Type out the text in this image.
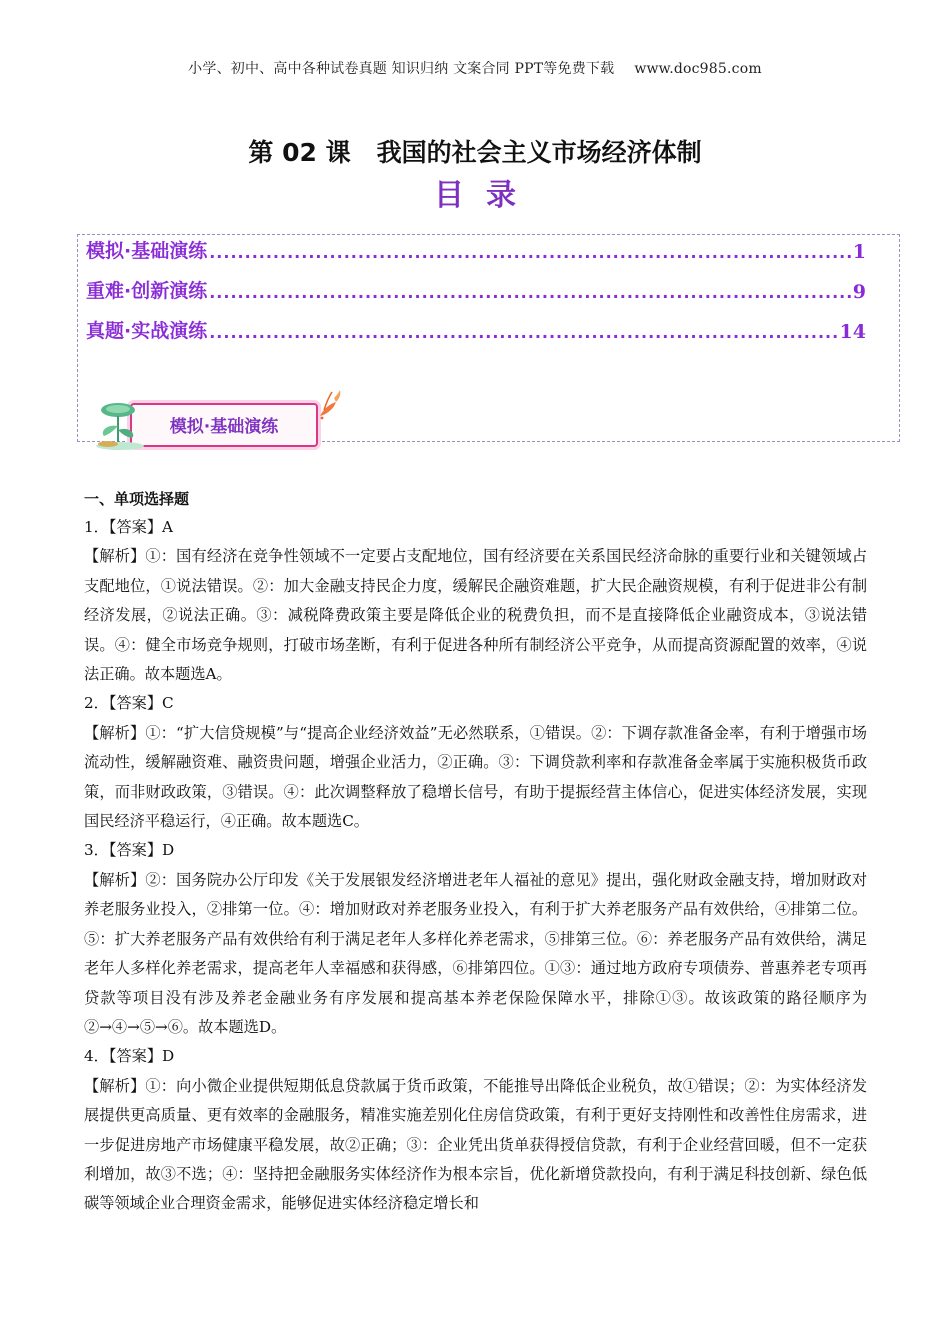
小学、初中、高中各种试卷真题 知识归纳 文案合同 PPT等免费下载 www.doc985.com
第 02 课 我国的社会主义市场经济体制
目录
模拟·基础演练 .....	1
重难·创新演练 .....	9
真题·实战演练 .....	14
模拟·基础演练
一、单项选择题

1．【答案】A

【解析】①：国有经济在竞争性领域不一定要占支配地位，国有经济要在关系国民经济命脉的重要行业和关键领域占支配地位，①说法错误。②：加大金融支持民企力度，缓解民企融资难题，扩大民企融资规模，有利于促进非公有制经济发展，②说法正确。③：减税降费政策主要是降低企业的税费负担，而不是直接降低企业融资成本，③说法错误。④：健全市场竞争规则，打破市场垄断，有利于促进各种所有制经济公平竞争，从而提高资源配置的效率，④说法正确。故本题选A。

2．【答案】C

【解析】①：“扩大信贷规模”与“提高企业经济效益”无必然联系，①错误。②：下调存款准备金率，有利于增强市场流动性，缓解融资难、融资贵问题，增强企业活力，②正确。③：下调贷款利率和存款准备金率属于实施积极货币政策，而非财政政策，③错误。④：此次调整释放了稳增长信号，有助于提振经营主体信心，促进实体经济发展，实现国民经济平稳运行，④正确。故本题选C。

3．【答案】D

【解析】②：国务院办公厅印发《关于发展银发经济增进老年人福祉的意见》提出，强化财政金融支持，增加财政对养老服务业投入，②排第一位。④：增加财政对养老服务业投入，有利于扩大养老服务产品有效供给，④排第二位。⑤：扩大养老服务产品有效供给有利于满足老年人多样化养老需求，⑤排第三位。⑥：养老服务产品有效供给，满足老年人多样化养老需求，提高老年人幸福感和获得感，⑥排第四位。①③：通过地方政府专项债券、普惠养老专项再贷款等项目没有涉及养老金融业务有序发展和提高基本养老保险保障水平，排除①③。故该政策的路径顺序为②→④→⑤→⑥。故本题选D。

4．【答案】D

【解析】①：向小微企业提供短期低息贷款属于货币政策，不能推导出降低企业税负，故①错误；②：为实体经济发展提供更高质量、更有效率的金融服务，精准实施差别化住房信贷政策，有利于更好支持刚性和改善性住房需求，进一步促进房地产市场健康平稳发展，故②正确；③：企业凭出货单获得授信贷款，有利于企业经营回暖，但不一定获利增加，故③不选；④：坚持把金融服务实体经济作为根本宗旨，优化新增贷款投向，有利于满足科技创新、绿色低碳等领域企业合理资金需求，能够促进实体经济稳定增长和
